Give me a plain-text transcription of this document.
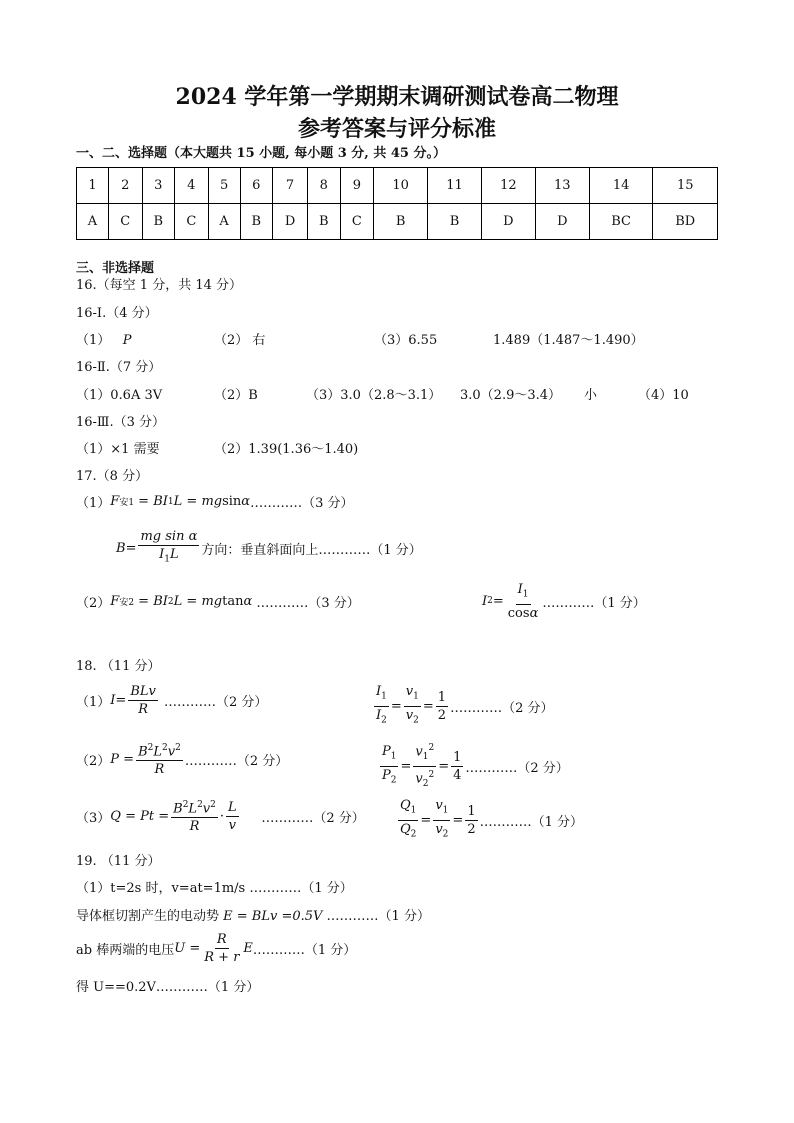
2024 学年第一学期期末调研测试卷高二物理
参考答案与评分标准
一、二、选择题（本大题共 15 小题, 每小题 3 分, 共 45 分。）
1	2	3	4	5	6	7	8	9	10	11	12	13	14	15
A	C	B	C	A	B	D	B	C	B	B	D	D	BC	BD
三、非选择题
16.（每空 1 分，共 14 分）
16-Ⅰ.（4 分）
（1） P	（2） 右	（3）6.55	1.489（1.487～1.490）
16-Ⅱ.（7 分）
（1）0.6A 3V	（2）B	（3）3.0（2.8～3.1） 3.0（2.9～3.4） 小	（4）10
16-Ⅲ.（3 分）
（1）×1 需要	（2）1.39(1.36～1.40)
17.（8 分）
（1） F 安1 = BI 1 L = mg sin α …………（3 分）
$B = \frac{\text{mg sin α}}{I_1L}$ 方向：垂直斜面向上…………（1 分）
（2） F 安2 = BI 2 L = mg tan α
…………（3 分）	I $2 = \frac{I_1}{\cos\alpha}$ …………（1 分）
18. （11 分）
（1） $I = \frac{\text{BLv}}{R}$
…………（2 分）	$\frac{I_1}{I_2} = \frac{v_1}{v_2} = \frac{1}{2}$ …………（2 分）
（2） $P = \frac{B^2L^2v^2}{R}$ …………（2 分）	$\frac{P_1}{P_2} = \frac{v_1^2}{v_2^2} = \frac{1}{4}$ …………（2 分）
（3） $Q = Pt = \frac{B^2L^2v^2}{R} \cdot \frac{L}{v}$
…………（2 分）	$\frac{Q_1}{Q_2} = \frac{v_1}{v_2} = \frac{1}{2}$ …………（1 分）
19. （11 分）
（1）t=2s 时，v=at=1m/s …………（1 分）
导体框切割产生的电动势 E = BLv =0.5V …………（1 分）
ab 棒两端的电压 $U = \frac{R}{R + r}$ E …………（1 分）
得 U==0.2V…………（1 分）
